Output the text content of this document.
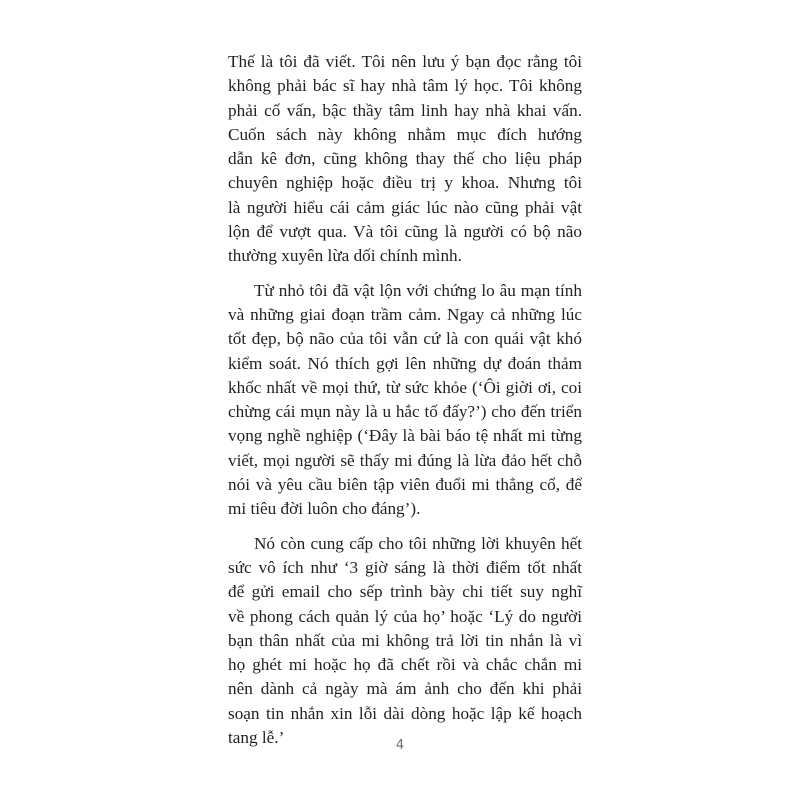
Thế là tôi đã viết. Tôi nên lưu ý bạn đọc rằng tôi
không phải bác sĩ hay nhà tâm lý học. Tôi không
phải cố vấn, bậc thầy tâm linh hay nhà khai vấn.
Cuốn sách này không nhằm mục đích hướng
dẫn kê đơn, cũng không thay thế cho liệu pháp
chuyên nghiệp hoặc điều trị y khoa. Nhưng tôi
là người hiểu cái cảm giác lúc nào cũng phải vật
lộn để vượt qua. Và tôi cũng là người có bộ não
thường xuyên lừa dối chính mình.

Từ nhỏ tôi đã vật lộn với chứng lo âu mạn tính
và những giai đoạn trầm cảm. Ngay cả những lúc
tốt đẹp, bộ não của tôi vẫn cứ là con quái vật khó
kiểm soát. Nó thích gợi lên những dự đoán thảm
khốc nhất về mọi thứ, từ sức khỏe (‘Ôi giời ơi, coi
chừng cái mụn này là u hắc tố đấy?’) cho đến triển
vọng nghề nghiệp (‘Đây là bài báo tệ nhất mi từng
viết, mọi người sẽ thấy mi đúng là lừa đảo hết chỗ
nói và yêu cầu biên tập viên đuổi mi thẳng cổ, để
mi tiêu đời luôn cho đáng’).

Nó còn cung cấp cho tôi những lời khuyên hết
sức vô ích như ‘3 giờ sáng là thời điểm tốt nhất
để gửi email cho sếp trình bày chi tiết suy nghĩ
về phong cách quản lý của họ’ hoặc ‘Lý do người
bạn thân nhất của mi không trả lời tin nhắn là vì
họ ghét mi hoặc họ đã chết rồi và chắc chắn mi
nên dành cả ngày mà ám ảnh cho đến khi phải
soạn tin nhắn xin lỗi dài dòng hoặc lập kế hoạch
tang lễ.’	4
